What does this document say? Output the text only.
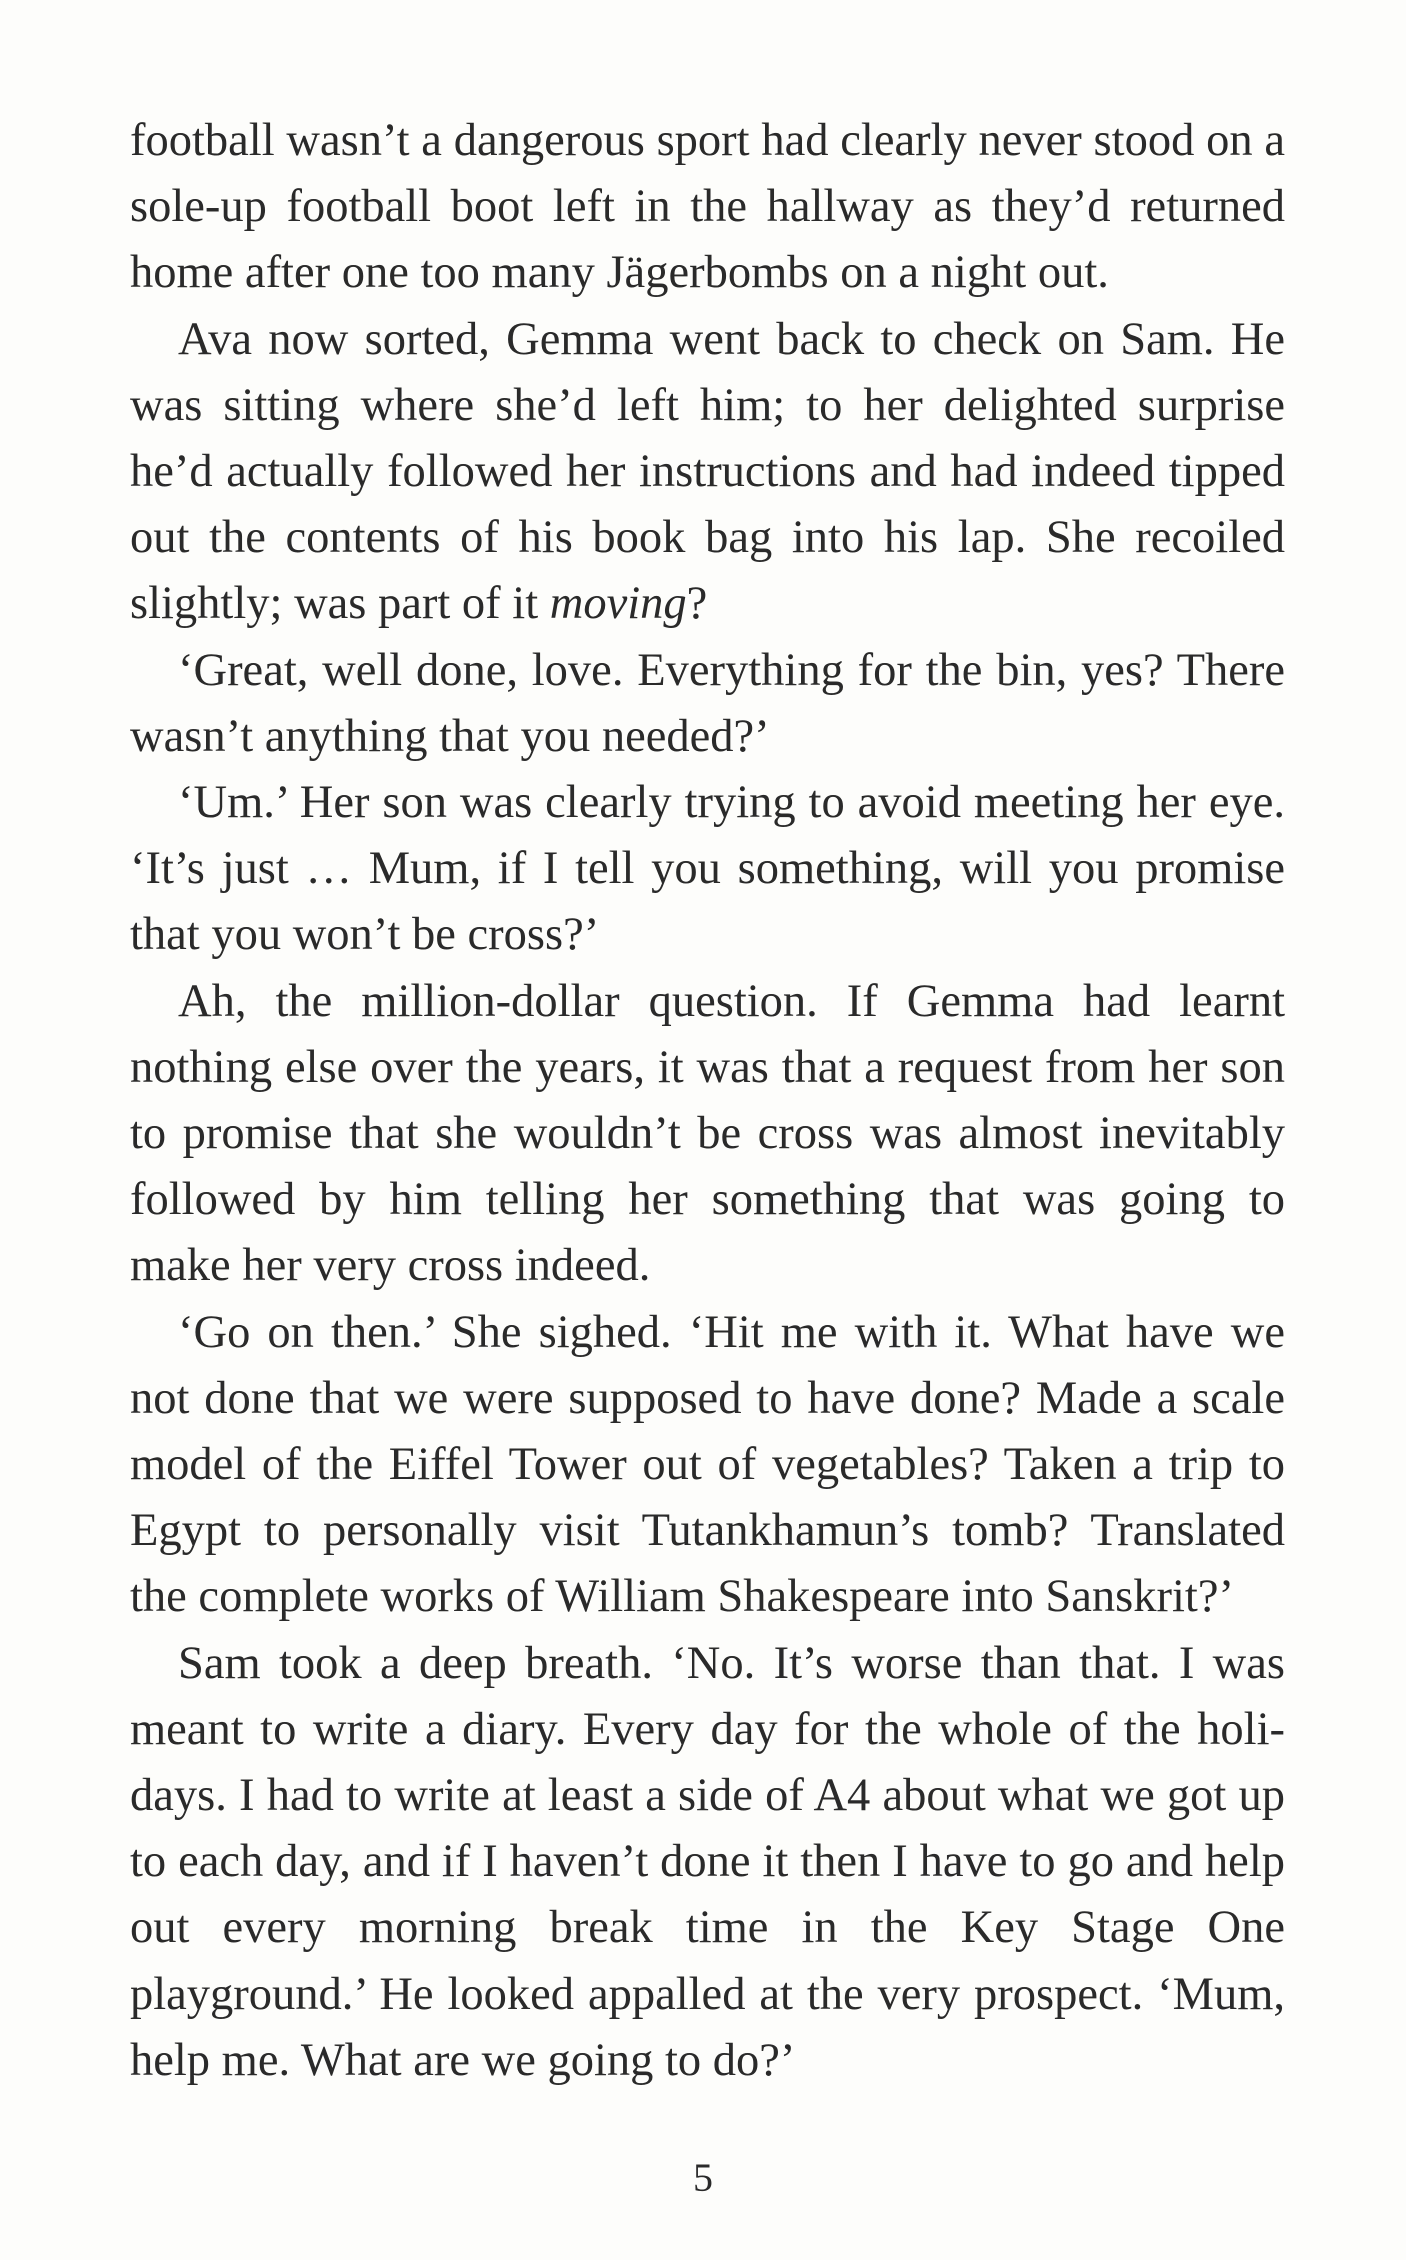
football wasn’t a dangerous sport had clearly never stood on a sole-up football boot left in the hallway as they’d returned home after one too many Jägerbombs on a night out.

Ava now sorted, Gemma went back to check on Sam. He was sitting where she’d left him; to her delighted surprise he’d actually followed her instructions and had indeed tipped out the contents of his book bag into his lap. She recoiled slightly; was part of it moving?

‘Great, well done, love. Everything for the bin, yes? There wasn’t anything that you needed?’

‘Um.’ Her son was clearly trying to avoid meeting her eye. ‘It’s just … Mum, if I tell you something, will you promise that you won’t be cross?’

Ah, the million-dollar question. If Gemma had learnt nothing else over the years, it was that a request from her son to promise that she wouldn’t be cross was almost inevitably followed by him telling her something that was going to make her very cross indeed.

‘Go on then.’ She sighed. ‘Hit me with it. What have we not done that we were supposed to have done? Made a scale model of the Eiffel Tower out of vegetables? Taken a trip to Egypt to personally visit Tutankhamun’s tomb? Translated the complete works of William Shakespeare into Sanskrit?’

Sam took a deep breath. ‘No. It’s worse than that. I was meant to write a diary. Every day for the whole of the holidays. I had to write at least a side of A4 about what we got up to each day, and if I haven’t done it then I have to go and help out every morning break time in the Key Stage One playground.’ He looked appalled at the very prospect. ‘Mum, help me. What are we going to do?’

5
